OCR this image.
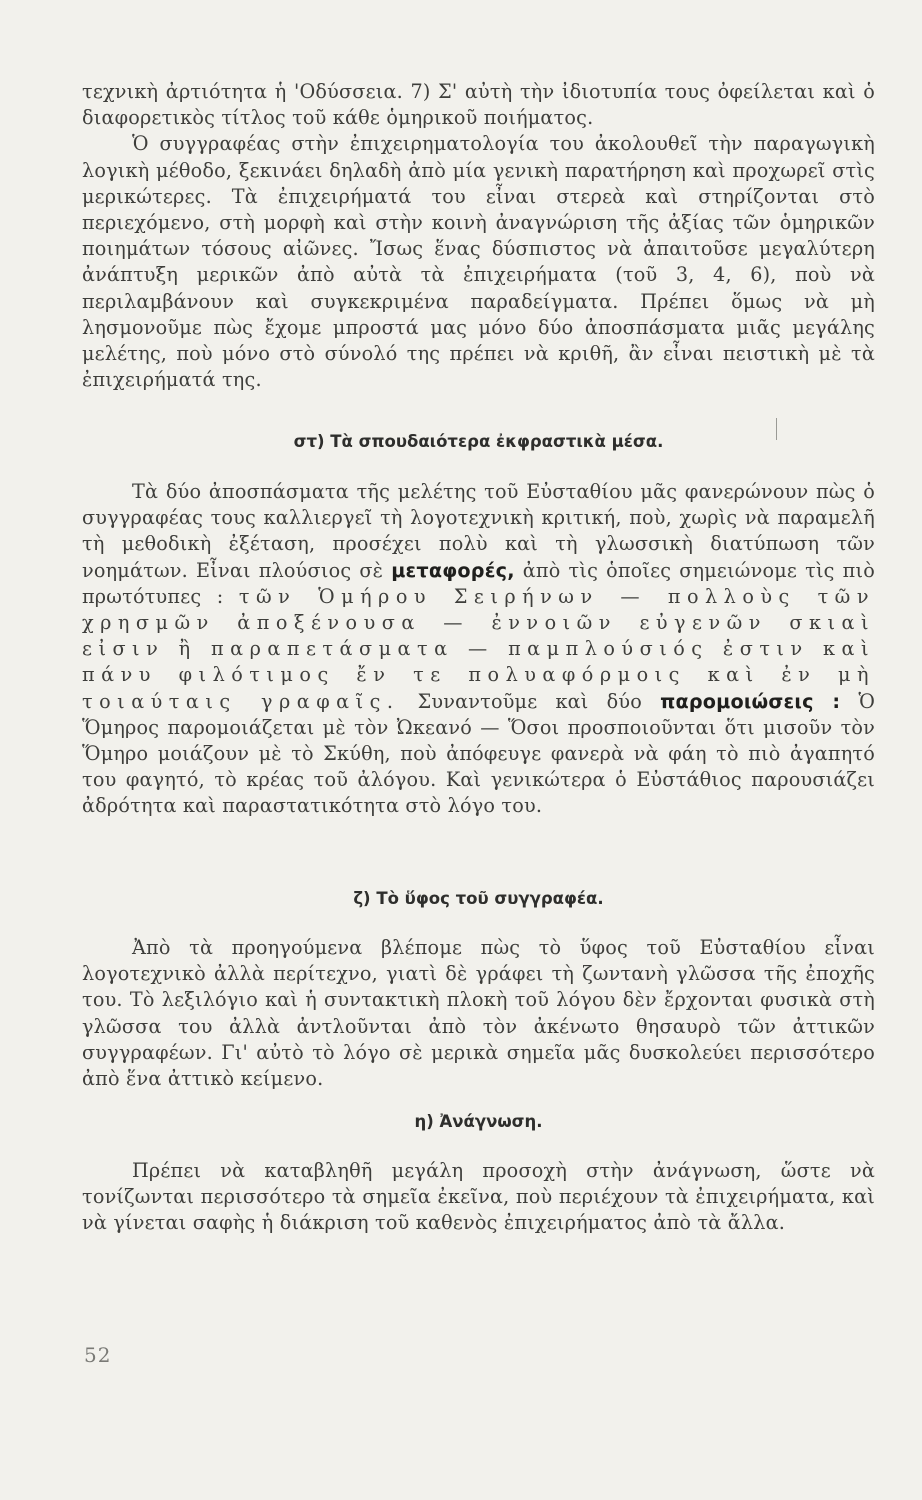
τεχνικὴ ἀρτιότητα ἡ 'Οδύσσεια. 7) Σ' αὐτὴ τὴν ἰδιοτυπία τους ὀφείλεται καὶ ὁ διαφορετικὸς τίτλος τοῦ κάθε ὁμηρικοῦ ποιήματος.

Ὁ συγγραφέας στὴν ἐπιχειρηματολογία του ἀκολουθεῖ τὴν παραγωγικὴ λογικὴ μέθοδο, ξεκινάει δηλαδὴ ἀπὸ μία γενικὴ παρατήρηση καὶ προχωρεῖ στὶς μερικώτερες. Τὰ ἐπιχειρήματά του εἶναι στερεὰ καὶ στηρίζονται στὸ περιεχόμενο, στὴ μορφὴ καὶ στὴν κοινὴ ἀναγνώριση τῆς ἀξίας τῶν ὁμηρικῶν ποιημάτων τόσους αἰῶνες. Ἴσως ἕνας δύσπιστος νὰ ἀπαιτοῦσε μεγαλύτερη ἀνάπτυξη μερικῶν ἀπὸ αὐτὰ τὰ ἐπιχειρήματα (τοῦ 3, 4, 6), ποὺ νὰ περιλαμβάνουν καὶ συγκεκριμένα παραδείγματα. Πρέπει ὅμως νὰ μὴ λησμονοῦμε πὼς ἔχομε μπροστά μας μόνο δύο ἀποσπάσματα μιᾶς μεγάλης μελέτης, ποὺ μόνο στὸ σύνολό της πρέπει νὰ κριθῆ, ἂν εἶναι πειστικὴ μὲ τὰ ἐπιχειρήματά της.

στ) Τὰ σπουδαιότερα ἐκφραστικὰ μέσα.

Τὰ δύο ἀποσπάσματα τῆς μελέτης τοῦ Εὐσταθίου μᾶς φανερώνουν πὼς ὁ συγγραφέας τους καλλιεργεῖ τὴ λογοτεχνικὴ κριτική, ποὺ, χωρὶς νὰ παραμελῆ τὴ μεθοδικὴ ἐξέταση, προσέχει πολὺ καὶ τὴ γλωσσικὴ διατύπωση τῶν νοημάτων. Εἶναι πλούσιος σὲ μεταφορές, ἀπὸ τὶς ὁποῖες σημειώνομε τὶς πιὸ πρωτότυπες : τῶν Ὁμήρου Σειρήνων — πολλοὺς τῶν χρησμῶν ἀποξένουσα — ἐννοιῶν εὐγενῶν σκιαὶ εἰσιν ἢ παραπετάσματα — παμπλούσιός ἐστιν καὶ πάνυ φιλότιμος ἔν τε πολυαφόρμοις καὶ ἐν μὴ τοιαύταις γραφαῖς. Συναντοῦμε καὶ δύο παρομοιώσεις : Ὁ Ὅμηρος παρομοιάζεται μὲ τὸν Ὠκεανό — Ὅσοι προσποιοῦνται ὅτι μισοῦν τὸν Ὅμηρο μοιάζουν μὲ τὸ Σκύθη, ποὺ ἀπόφευγε φανερὰ νὰ φάη τὸ πιὸ ἀγαπητό του φαγητό, τὸ κρέας τοῦ ἀλόγου. Καὶ γενικώτερα ὁ Εὐστάθιος παρουσιάζει ἀδρότητα καὶ παραστατικότητα στὸ λόγο του.

ζ) Τὸ ὕφος τοῦ συγγραφέα.

Ἀπὸ τὰ προηγούμενα βλέπομε πὼς τὸ ὕφος τοῦ Εὐσταθίου εἶναι λογοτεχνικὸ ἀλλὰ περίτεχνο, γιατὶ δὲ γράφει τὴ ζωντανὴ γλῶσσα τῆς ἐποχῆς του. Τὸ λεξιλόγιο καὶ ἡ συντακτικὴ πλοκὴ τοῦ λόγου δὲν ἔρχονται φυσικὰ στὴ γλῶσσα του ἀλλὰ ἀντλοῦνται ἀπὸ τὸν ἀκένωτο θησαυρὸ τῶν ἀττικῶν συγγραφέων. Γι' αὐτὸ τὸ λόγο σὲ μερικὰ σημεῖα μᾶς δυσκολεύει περισσότερο ἀπὸ ἕνα ἀττικὸ κείμενο.

η) Ἀνάγνωση.

Πρέπει νὰ καταβληθῆ μεγάλη προσοχὴ στὴν ἀνάγνωση, ὥστε νὰ τονίζωνται περισσότερο τὰ σημεῖα ἐκεῖνα, ποὺ περιέχουν τὰ ἐπιχειρήματα, καὶ νὰ γίνεται σαφὴς ἡ διάκριση τοῦ καθενὸς ἐπιχειρήματος ἀπὸ τὰ ἄλλα.

52
